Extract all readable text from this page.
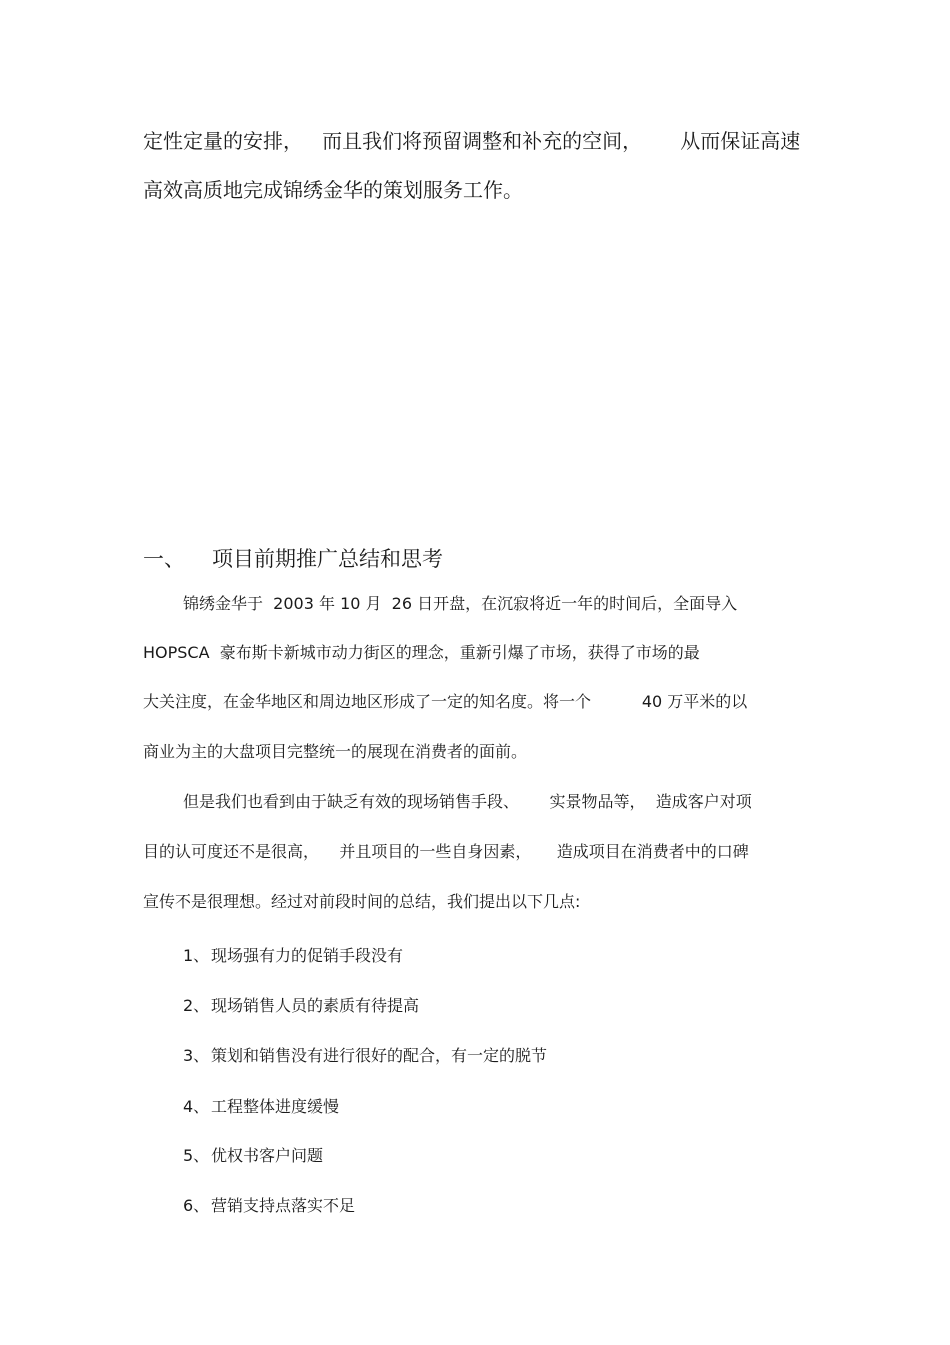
定性定量的安排，   而且我们将预留调整和补充的空间，      从而保证高速
高效高质地完成锦绣金华的策划服务工作。
一、 项目前期推广总结和思考
锦绣金华于  2003 年 10 月  26 日开盘，在沉寂将近一年的时间后，全面导入
HOPSCA  豪布斯卡新城市动力街区的理念，重新引爆了市场，获得了市场的最
大关注度，在金华地区和周边地区形成了一定的知名度。将一个          40 万平米的以
商业为主的大盘项目完整统一的展现在消费者的面前。
但是我们也看到由于缺乏有效的现场销售手段、      实景物品等，  造成客户对项
目的认可度还不是很高，    并且项目的一些自身因素，     造成项目在消费者中的口碑
宣传不是很理想。经过对前段时间的总结，我们提出以下几点:
1、 现场强有力的促销手段没有
2、 现场销售人员的素质有待提高
3、 策划和销售没有进行很好的配合，有一定的脱节
4、 工程整体进度缓慢
5、 优权书客户问题
6、 营销支持点落实不足
